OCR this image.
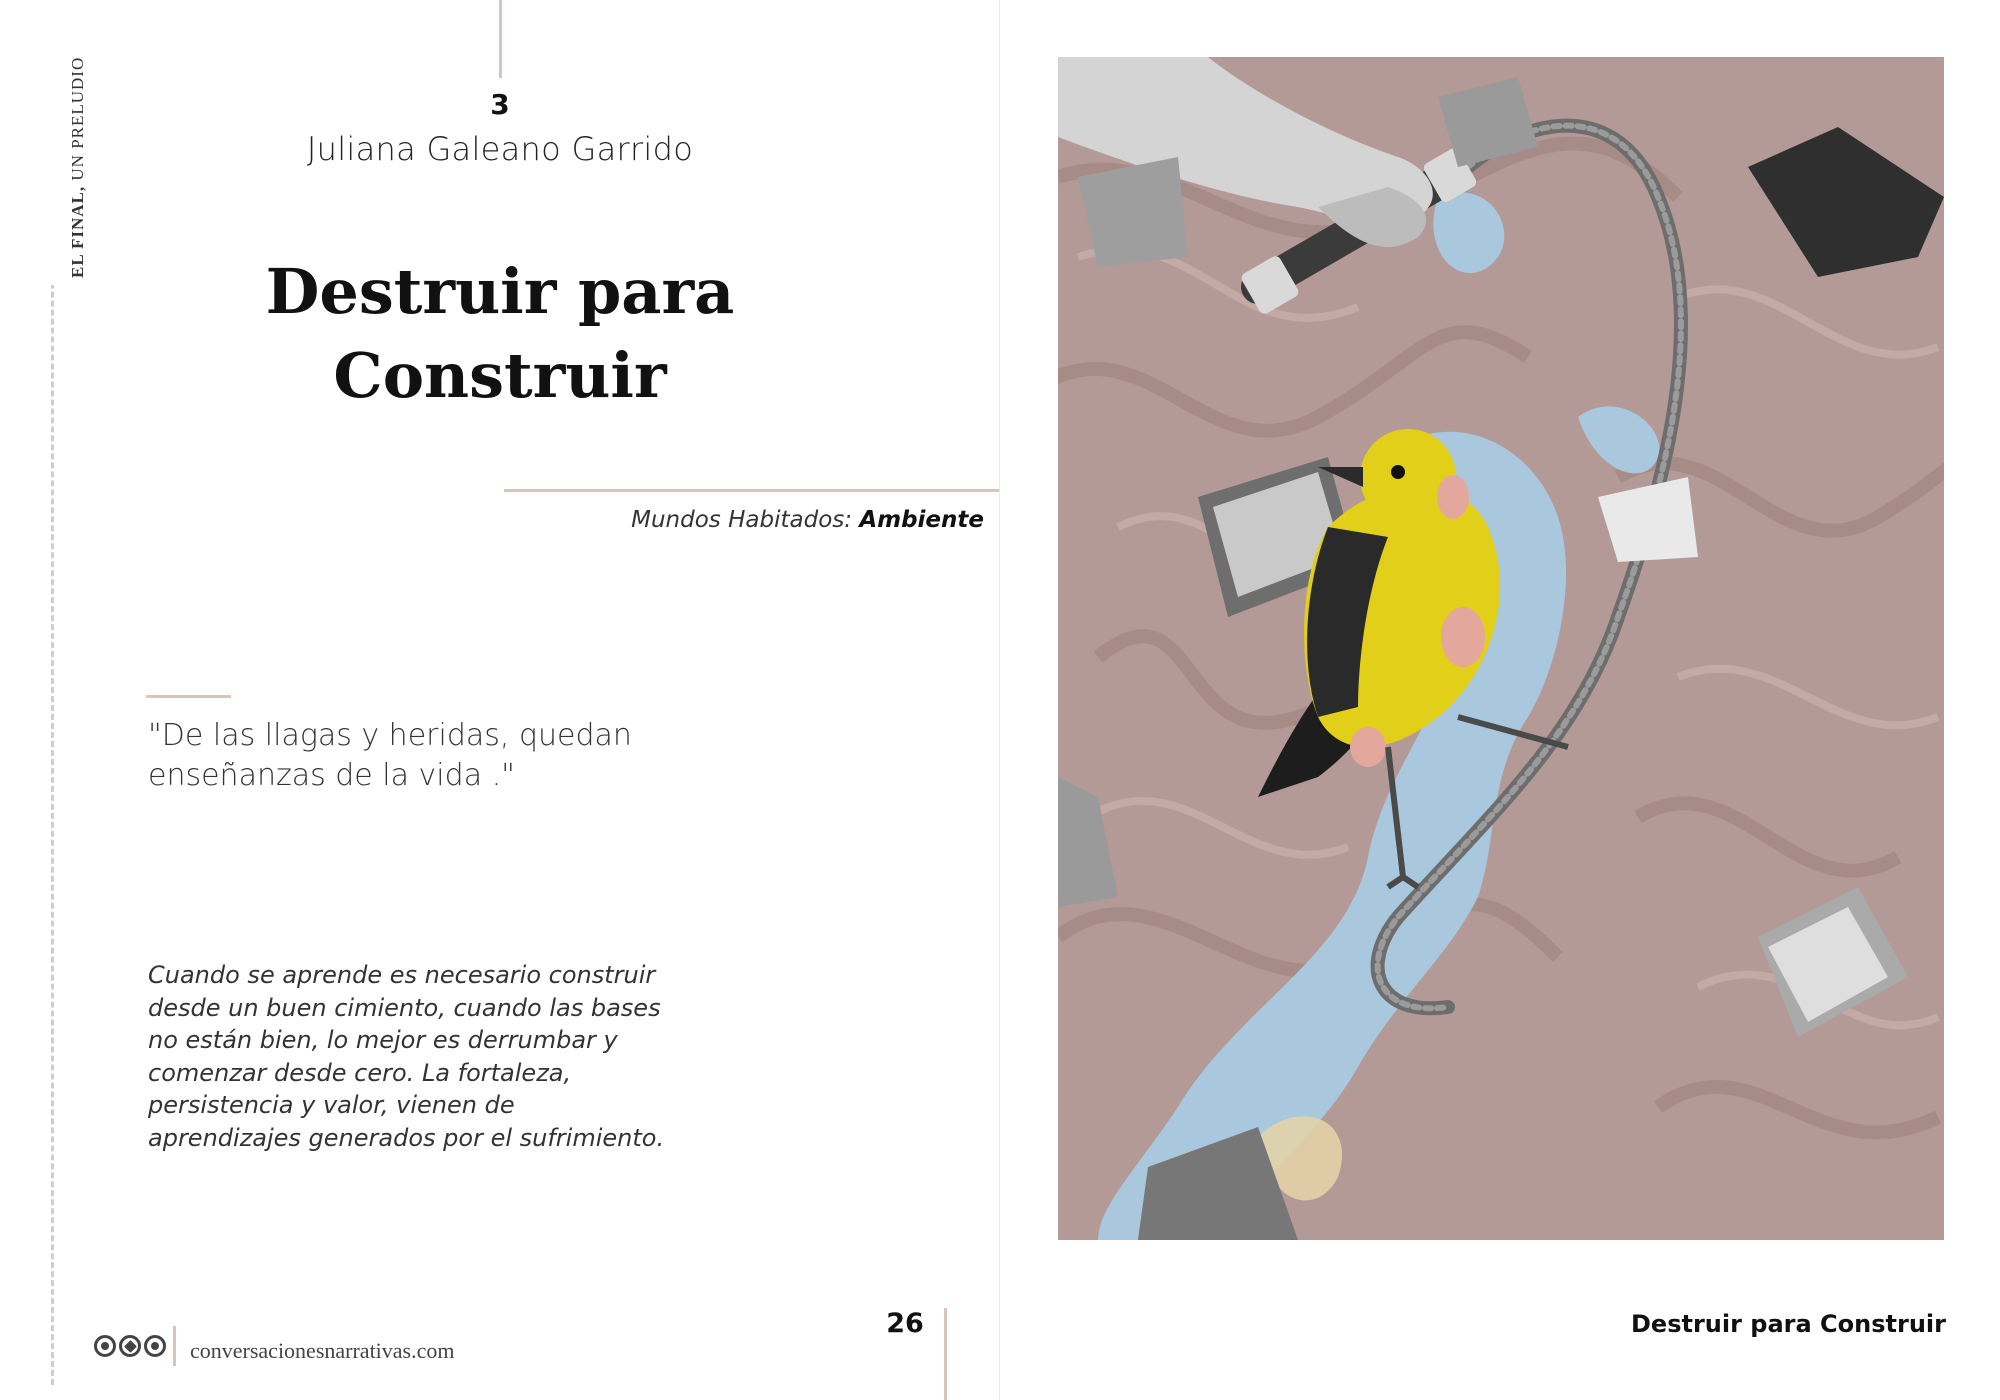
EL FINAL, UN PRELUDIO	3
Juliana Galeano Garrido
Destruir para
Construir
Mundos Habitados: Ambiente
"De las llagas y heridas, quedan enseñanzas de la vida ."
Cuando se aprende es necesario construir desde un buen cimiento, cuando las bases no están bien, lo mejor es derrumbar y comenzar desde cero. La fortaleza, persistencia y valor, vienen de aprendizajes generados por el sufrimiento.
conversacionesnarrativas.com
26	Destruir para Construir
